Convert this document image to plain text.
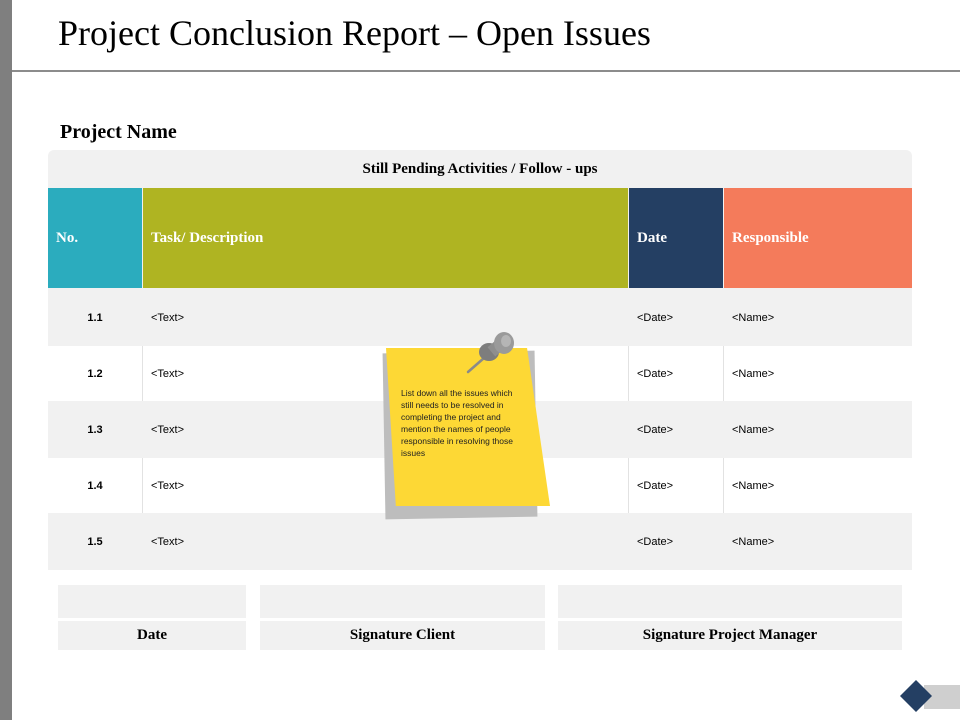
Project Conclusion Report – Open Issues
Project Name
Still Pending Activities / Follow - ups
No.	Task/ Description	Date	Responsible
1.1	<Text>	<Date>	<Name>
1.2	<Text>	<Date>	<Name>
1.3	<Text>	<Date>	<Name>
1.4	<Text>	<Date>	<Name>
1.5	<Text>	<Date>	<Name>
List down all the issues which still needs to be resolved in completing the project and mention the names of people responsible in resolving those issues
Date	Signature Client	Signature Project Manager
